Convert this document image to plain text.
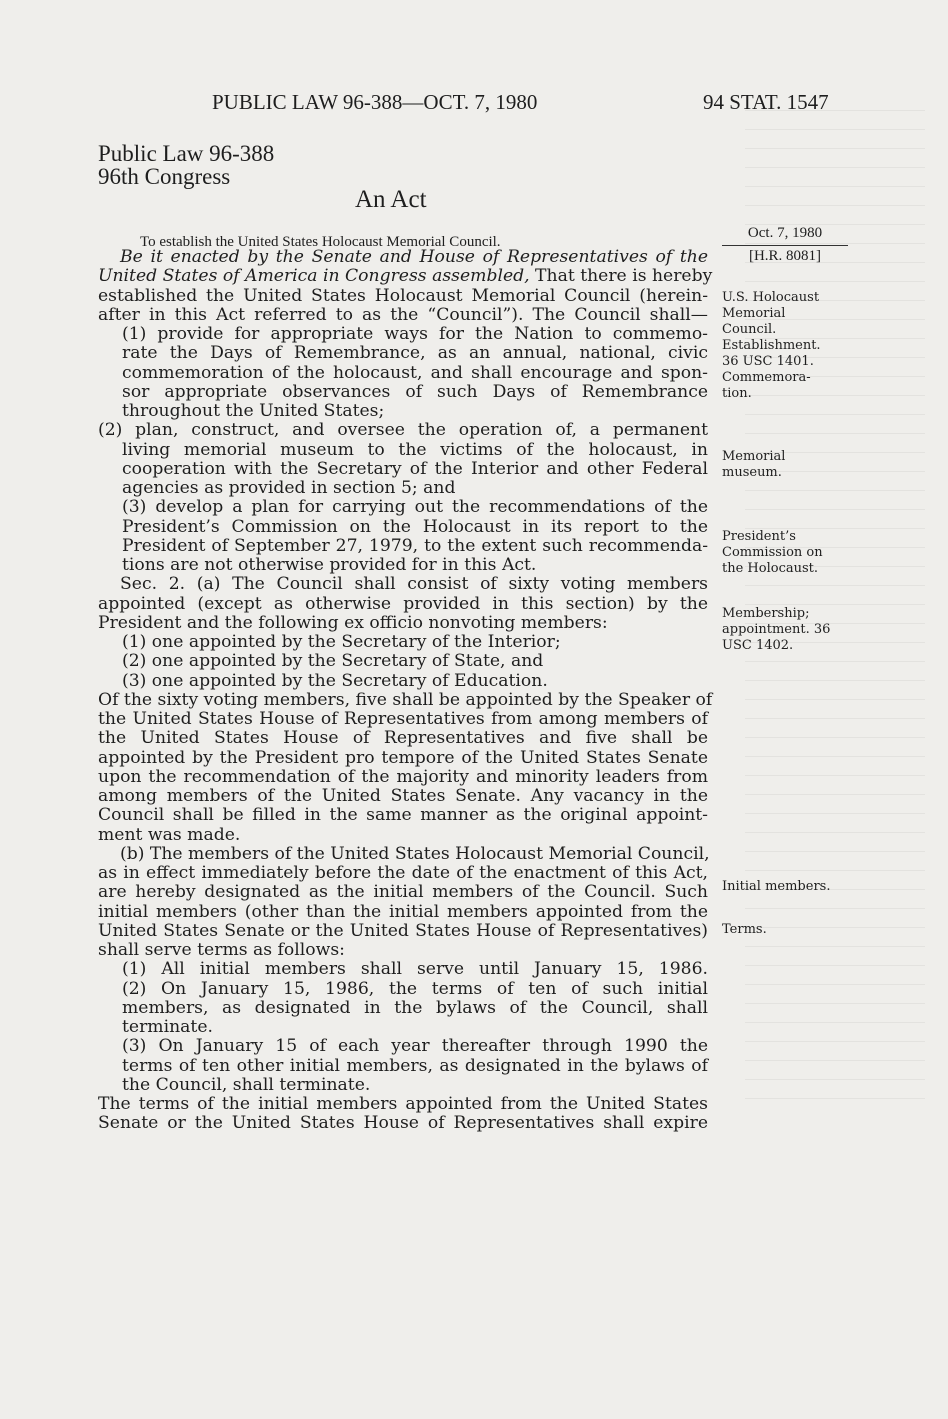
PUBLIC LAW 96-388—OCT. 7, 1980	94 STAT. 1547
Public Law 96-388
96th Congress
An Act
To establish the United States Holocaust Memorial Council.
Oct. 7, 1980
[H.R. 8081]
U.S. Holocaust Memorial Council. Establishment. 36 USC 1401. Commemora- tion.
Memorial museum.
President’s Commission on the Holocaust.
Membership; appointment. 36 USC 1402.
Initial members.
Terms.
Be it enacted by the Senate and House of Representatives of the
United States of America in Congress assembled, That there is hereby
established the United States Holocaust Memorial Council (herein-
after in this Act referred to as the “Council”). The Council shall—
(1) provide for appropriate ways for the Nation to commemo-
rate the Days of Remembrance, as an annual, national, civic
commemoration of the holocaust, and shall encourage and spon-
sor appropriate observances of such Days of Remembrance
throughout the United States;
(2) plan, construct, and oversee the operation of, a permanent
living memorial museum to the victims of the holocaust, in
cooperation with the Secretary of the Interior and other Federal
agencies as provided in section 5; and
(3) develop a plan for carrying out the recommendations of the
President’s Commission on the Holocaust in its report to the
President of September 27, 1979, to the extent such recommenda-
tions are not otherwise provided for in this Act.
Sec. 2. (a) The Council shall consist of sixty voting members
appointed (except as otherwise provided in this section) by the
President and the following ex officio nonvoting members:
(1) one appointed by the Secretary of the Interior;
(2) one appointed by the Secretary of State, and
(3) one appointed by the Secretary of Education.
Of the sixty voting members, five shall be appointed by the Speaker of
the United States House of Representatives from among members of
the United States House of Representatives and five shall be
appointed by the President pro tempore of the United States Senate
upon the recommendation of the majority and minority leaders from
among members of the United States Senate. Any vacancy in the
Council shall be filled in the same manner as the original appoint-
ment was made.
(b) The members of the United States Holocaust Memorial Council,
as in effect immediately before the date of the enactment of this Act,
are hereby designated as the initial members of the Council. Such
initial members (other than the initial members appointed from the
United States Senate or the United States House of Representatives)
shall serve terms as follows:
(1) All initial members shall serve until January 15, 1986.
(2) On January 15, 1986, the terms of ten of such initial
members, as designated in the bylaws of the Council, shall
terminate.
(3) On January 15 of each year thereafter through 1990 the
terms of ten other initial members, as designated in the bylaws of
the Council, shall terminate.
The terms of the initial members appointed from the United States
Senate or the United States House of Representatives shall expire
